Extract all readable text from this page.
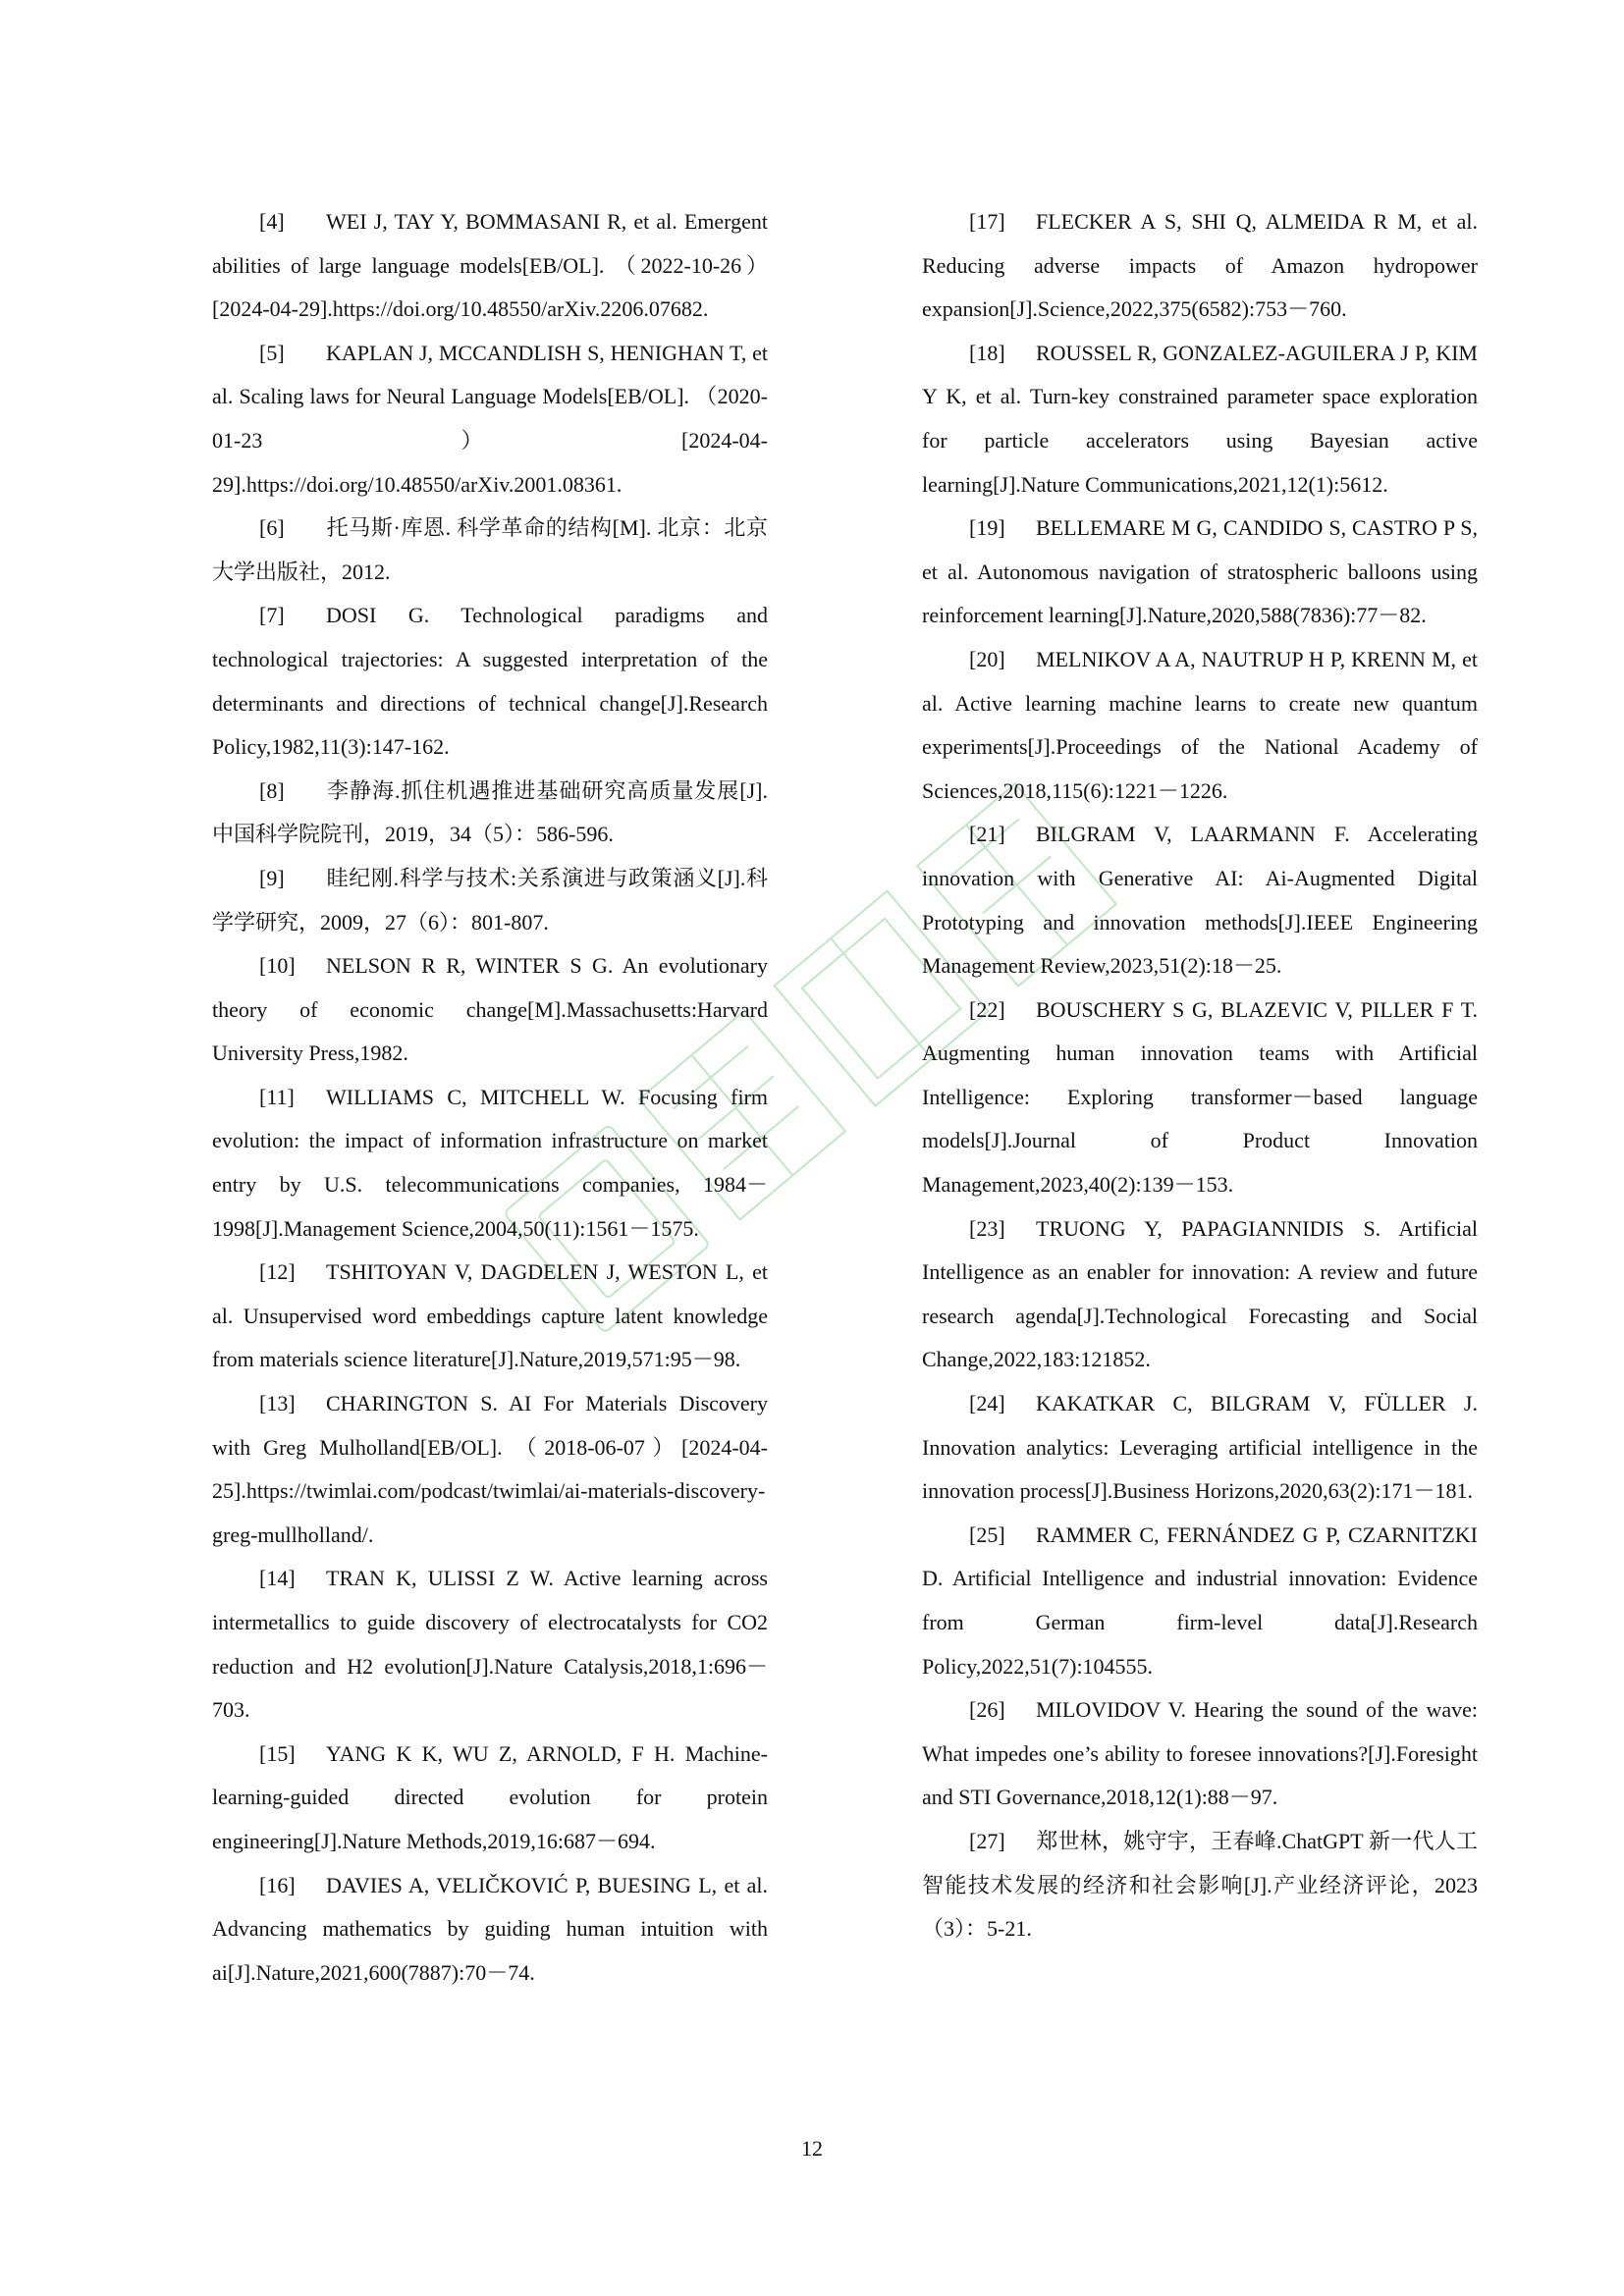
[4] WEI J, TAY Y, BOMMASANI R, et al. Emergent abilities of large language models[EB/OL]. （2022-10-26）[2024-04-29].https://doi.org/10.48550/arXiv.2206.07682.

[5] KAPLAN J, MCCANDLISH S, HENIGHAN T, et al. Scaling laws for Neural Language Models[EB/OL]. （2020-01-23）[2024-04-29].https://doi.org/10.48550/arXiv.2001.08361.

[6] 托马斯·库恩. 科学革命的结构[M]. 北京：北京大学出版社，2012.

[7] DOSI G. Technological paradigms and technological trajectories: A suggested interpretation of the determinants and directions of technical change[J].Research Policy,1982,11(3):147-162.

[8] 李静海.抓住机遇推进基础研究高质量发展[J].中国科学院院刊，2019，34（5）：586-596.

[9] 眭纪刚.科学与技术:关系演进与政策涵义[J].科学学研究，2009，27（6）：801-807.

[10] NELSON R R, WINTER S G. An evolutionary theory of economic change[M].Massachusetts:Harvard University Press,1982.

[11] WILLIAMS C, MITCHELL W. Focusing firm evolution: the impact of information infrastructure on market entry by U.S. telecommunications companies, 1984－1998[J].Management Science,2004,50(11):1561－1575.

[12] TSHITOYAN V, DAGDELEN J, WESTON L, et al. Unsupervised word embeddings capture latent knowledge from materials science literature[J].Nature,2019,571:95－98.

[13] CHARINGTON S. AI For Materials Discovery with Greg Mulholland[EB/OL]. （2018-06-07）[2024-04-25].https://twimlai.com/podcast/twimlai/ai-materials-discovery-greg-mullholland/.

[14] TRAN K, ULISSI Z W. Active learning across intermetallics to guide discovery of electrocatalysts for CO2 reduction and H2 evolution[J].Nature Catalysis,2018,1:696－703.

[15] YANG K K, WU Z, ARNOLD, F H. Machine-learning-guided directed evolution for protein engineering[J].Nature Methods,2019,16:687－694.

[16] DAVIES A, VELIČKOVIĆ P, BUESING L, et al. Advancing mathematics by guiding human intuition with ai[J].Nature,2021,600(7887):70－74.

[17] FLECKER A S, SHI Q, ALMEIDA R M, et al. Reducing adverse impacts of Amazon hydropower expansion[J].Science,2022,375(6582):753－760.

[18] ROUSSEL R, GONZALEZ-AGUILERA J P, KIM Y K, et al. Turn-key constrained parameter space exploration for particle accelerators using Bayesian active learning[J].Nature Communications,2021,12(1):5612.

[19] BELLEMARE M G, CANDIDO S, CASTRO P S, et al. Autonomous navigation of stratospheric balloons using reinforcement learning[J].Nature,2020,588(7836):77－82.

[20] MELNIKOV A A, NAUTRUP H P, KRENN M, et al. Active learning machine learns to create new quantum experiments[J].Proceedings of the National Academy of Sciences,2018,115(6):1221－1226.

[21] BILGRAM V, LAARMANN F. Accelerating innovation with Generative AI: Ai-Augmented Digital Prototyping and innovation methods[J].IEEE Engineering Management Review,2023,51(2):18－25.

[22] BOUSCHERY S G, BLAZEVIC V, PILLER F T. Augmenting human innovation teams with Artificial Intelligence: Exploring transformer－based language models[J].Journal of Product Innovation Management,2023,40(2):139－153.

[23] TRUONG Y, PAPAGIANNIDIS S. Artificial Intelligence as an enabler for innovation: A review and future research agenda[J].Technological Forecasting and Social Change,2022,183:121852.

[24] KAKATKAR C, BILGRAM V, FÜLLER J. Innovation analytics: Leveraging artificial intelligence in the innovation process[J].Business Horizons,2020,63(2):171－181.

[25] RAMMER C, FERNÁNDEZ G P, CZARNITZKI D. Artificial Intelligence and industrial innovation: Evidence from German firm-level data[J].Research Policy,2022,51(7):104555.

[26] MILOVIDOV V. Hearing the sound of the wave: What impedes one’s ability to foresee innovations?[J].Foresight and STI Governance,2018,12(1):88－97.

[27] 郑世林，姚守宇，王春峰.ChatGPT 新一代人工智能技术发展的经济和社会影响[J].产业经济评论，2023（3）：5-21.

12
